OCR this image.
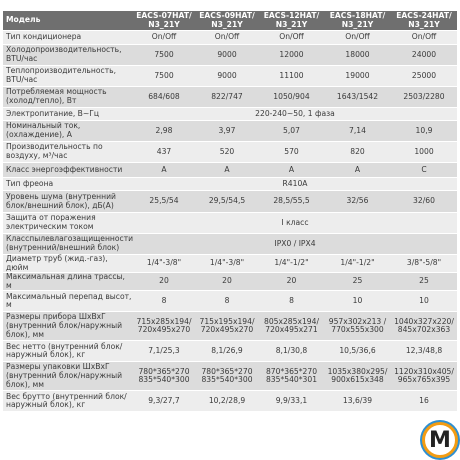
Модель	EACS-07HAT/ N3_21Y	EACS-09HAT/ N3_21Y	EACS-12HAT/ N3_21Y	EACS-18HAT/ N3_21Y	EACS-24HAT/ N3_21Y
Тип кондиционера	On/Off	On/Off	On/Off	On/Off	On/Off
Холодопроизводительность, BTU/час	7500	9000	12000	18000	24000
Теплопроизводительность, BTU/час	7500	9000	11100	19000	25000
Потребляемая мощность (холод/тепло), Вт	684/608	822/747	1050/904	1643/1542	2503/2280
Электропитание, В~Гц	220-240~50, 1 фаза				
Номинальный ток,(охлаждение), А	2,98	3,97	5,07	7,14	10,9
Производительность по воздуху, м³/час	437	520	570	820	1000
Класс энергоэффективности	A	A	A	A	C
Тип фреона	R410A				
Уровень шума (внутренний блок/внешний блок), дБ(А)	25,5/54	29,5/54,5	28,5/55,5	32/56	32/60
Защита от поражения электрическим током	I класс				
Класспылевлагозащищенности (внутренний/внешний блок)	IPX0 / IPX4				
Диаметр труб (жид.-газ), дюйм	1/4"-3/8"	1/4"-3/8"	1/4"-1/2"	1/4"-1/2"	3/8"-5/8"
Максимальная длина трассы, м	20	20	20	25	25
Максимальный перепад высот, м	8	8	8	10	10
Размеры прибора ШхВхГ (внутренний блок/наружный блок), мм	715x285x194/ 720x495x270	715x195x194/ 720x495x270	805x285x194/ 720x495x271	957x302x213 / 770x555x300	1040x327x220/ 845x702x363
Вес нетто (внутренний блок/ наружный блок), кг	7,1/25,3	8,1/26,9	8,1/30,8	10,5/36,6	12,3/48,8
Размеры упаковки ШхВхГ (внутренний блок/наружный блок), мм	780*365*270 835*540*300	780*365*270 835*540*300	870*365*270 835*540*301	1035x380x295/ 900x615x348	1120x310x405/ 965x765x395
Вес брутто (внутренний блок/ наружный блок), кг	9,3/27,7	10,2/28,9	9,9/33,1	13,6/39	16
M
